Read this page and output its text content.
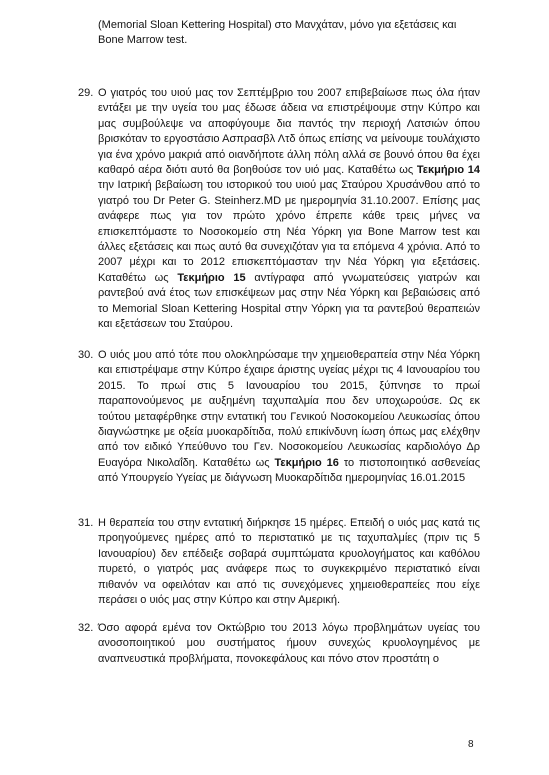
(Memorial Sloan Kettering Hospital) στο Μανχάταν, μόνο για εξετάσεις και
Bone Marrow test.
29. Ο γιατρός του υιού μας τον Σεπτέμβριο του 2007 επιβεβαίωσε πως όλα ήταν εντάξει με την υγεία του μας έδωσε άδεια να επιστρέψουμε στην Κύπρο και μας συμβούλεψε να αποφύγουμε δια παντός την περιοχή Λατσιών όπου βρισκόταν το εργοστάσιο Ασπρασβλ Λτδ όπως επίσης να μείνουμε τουλάχιστο για ένα χρόνο μακριά από οιανδήποτε άλλη πόλη αλλά σε βουνό όπου θα έχει καθαρό αέρα διότι αυτό θα βοηθούσε τον υιό μας. Καταθέτω ως Τεκμήριο 14 την Ιατρική βεβαίωση του ιστορικού του υιού μας Σταύρου Χρυσάνθου από το γιατρό του Dr Peter G. Steinherz.MD με ημερομηνία 31.10.2007. Επίσης μας ανάφερε πως για τον πρώτο χρόνο έπρεπε κάθε τρεις μήνες να επισκεπτόμαστε το Νοσοκομείο στη Νέα Υόρκη για Bone Marrow test και άλλες εξετάσεις και πως αυτό θα συνεχιζόταν για τα επόμενα 4 χρόνια. Από το 2007 μέχρι και το 2012 επισκεπτόμασταν την Νέα Υόρκη για εξετάσεις. Καταθέτω ως Τεκμήριο 15 αντίγραφα από γνωματεύσεις γιατρών και ραντεβού ανά έτος των επισκέψεων μας στην Νέα Υόρκη και βεβαιώσεις από το Memorial Sloan Kettering Hospital στην Υόρκη για τα ραντεβού θεραπειών και εξετάσεων του Σταύρου.

30. Ο υιός μου από τότε που ολοκληρώσαμε την χημειοθεραπεία στην Νέα Υόρκη και επιστρέψαμε στην Κύπρο έχαιρε άριστης υγείας μέχρι τις 4 Ιανουαρίου του 2015. Το πρωί στις 5 Ιανουαρίου του 2015, ξύπνησε το πρωί παραπονούμενος με αυξημένη ταχυπαλμία που δεν υποχωρούσε. Ως εκ τούτου μεταφέρθηκε στην εντατική του Γενικού Νοσοκομείου Λευκωσίας όπου διαγνώστηκε με οξεία μυοκαρδίτιδα, πολύ επικίνδυνη ίωση όπως μας ελέχθην από τον ειδικό Υπεύθυνο του Γεν. Νοσοκομείου Λευκωσίας καρδιολόγο Δρ Ευαγόρα Νικολαΐδη. Καταθέτω ως Τεκμήριο 16 το πιστοποιητικό ασθενείας από Υπουργείο Υγείας με διάγνωση Μυοκαρδίτιδα ημερομηνίας 16.01.2015

31. Η θεραπεία του στην εντατική διήρκησε 15 ημέρες. Επειδή ο υιός μας κατά τις προηγούμενες ημέρες από το περιστατικό με τις ταχυπαλμίες (πριν τις 5 Ιανουαρίου) δεν επέδειξε σοβαρά συμπτώματα κρυολογήματος και καθόλου πυρετό, ο γιατρός μας ανάφερε πως το συγκεκριμένο περιστατικό είναι πιθανόν να οφειλόταν και από τις συνεχόμενες χημειοθεραπείες που είχε περάσει ο υιός μας στην Κύπρο και στην Αμερική.

32. Όσο αφορά εμένα τον Οκτώβριο του 2013 λόγω προβλημάτων υγείας του ανοσοποιητικού μου συστήματος ήμουν συνεχώς κρυολογημένος με αναπνευστικά προβλήματα, πονοκεφάλους και πόνο στον προστάτη ο

8
